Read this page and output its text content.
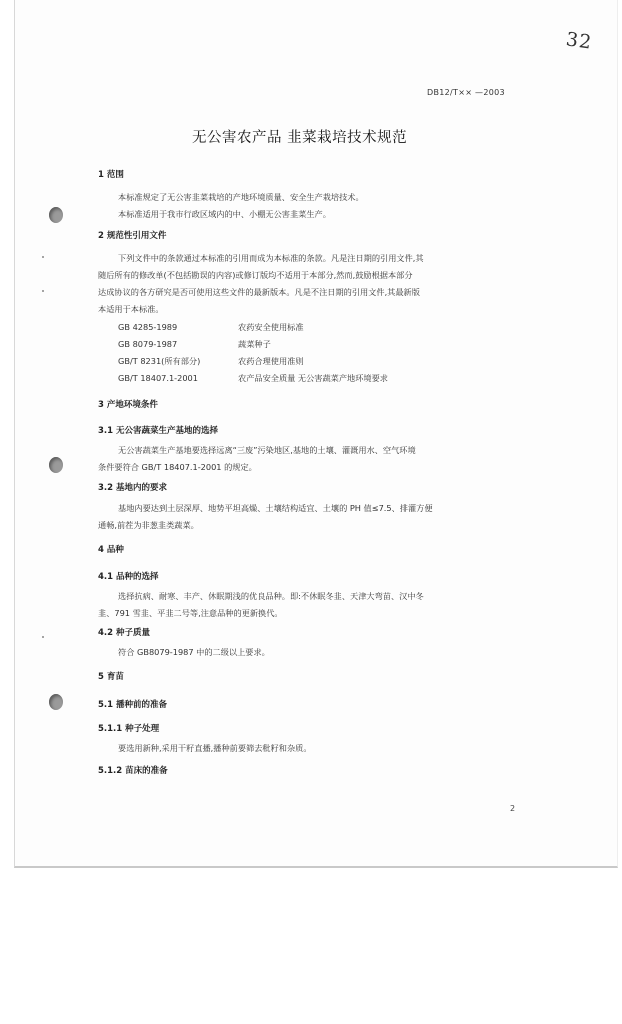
32
DB12/T×× —2003
无公害农产品 韭菜栽培技术规范
1 范围
本标准规定了无公害韭菜栽培的产地环境质量、安全生产栽培技术。
本标准适用于我市行政区域内的中、小棚无公害韭菜生产。
2 规范性引用文件
下列文件中的条款通过本标准的引用而成为本标准的条款。凡是注日期的引用文件,其
随后所有的修改单(不包括勘误的内容)或修订版均不适用于本部分,然而,鼓励根据本部分
达成协议的各方研究是否可使用这些文件的最新版本。凡是不注日期的引用文件,其最新版
本适用于本标准。
GB 4285-1989	农药安全使用标准
GB 8079-1987	蔬菜种子
GB/T 8231(所有部分)	农药合理使用准则
GB/T 18407.1-2001	农产品安全质量 无公害蔬菜产地环境要求
3 产地环境条件
3.1 无公害蔬菜生产基地的选择
无公害蔬菜生产基地要选择远离“三废”污染地区,基地的土壤、灌溉用水、空气环境
条件要符合 GB/T 18407.1-2001 的规定。
3.2 基地内的要求
基地内要达到土层深厚、地势平坦高燥、土壤结构适宜、土壤的 PH 值≤7.5、排灌方便
通畅,前茬为非葱韭类蔬菜。
4 品种
4.1 品种的选择
选择抗病、耐寒、丰产、休眠期浅的优良品种。即:不休眠冬韭、天津大弯苗、汉中冬
韭、791 雪韭、平韭二号等,注意品种的更新换代。
4.2 种子质量
符合 GB8079-1987 中的二级以上要求。
5 育苗
5.1 播种前的准备
5.1.1 种子处理
要选用新种,采用干籽直播,播种前要筛去秕籽和杂质。
5.1.2 苗床的准备
2
